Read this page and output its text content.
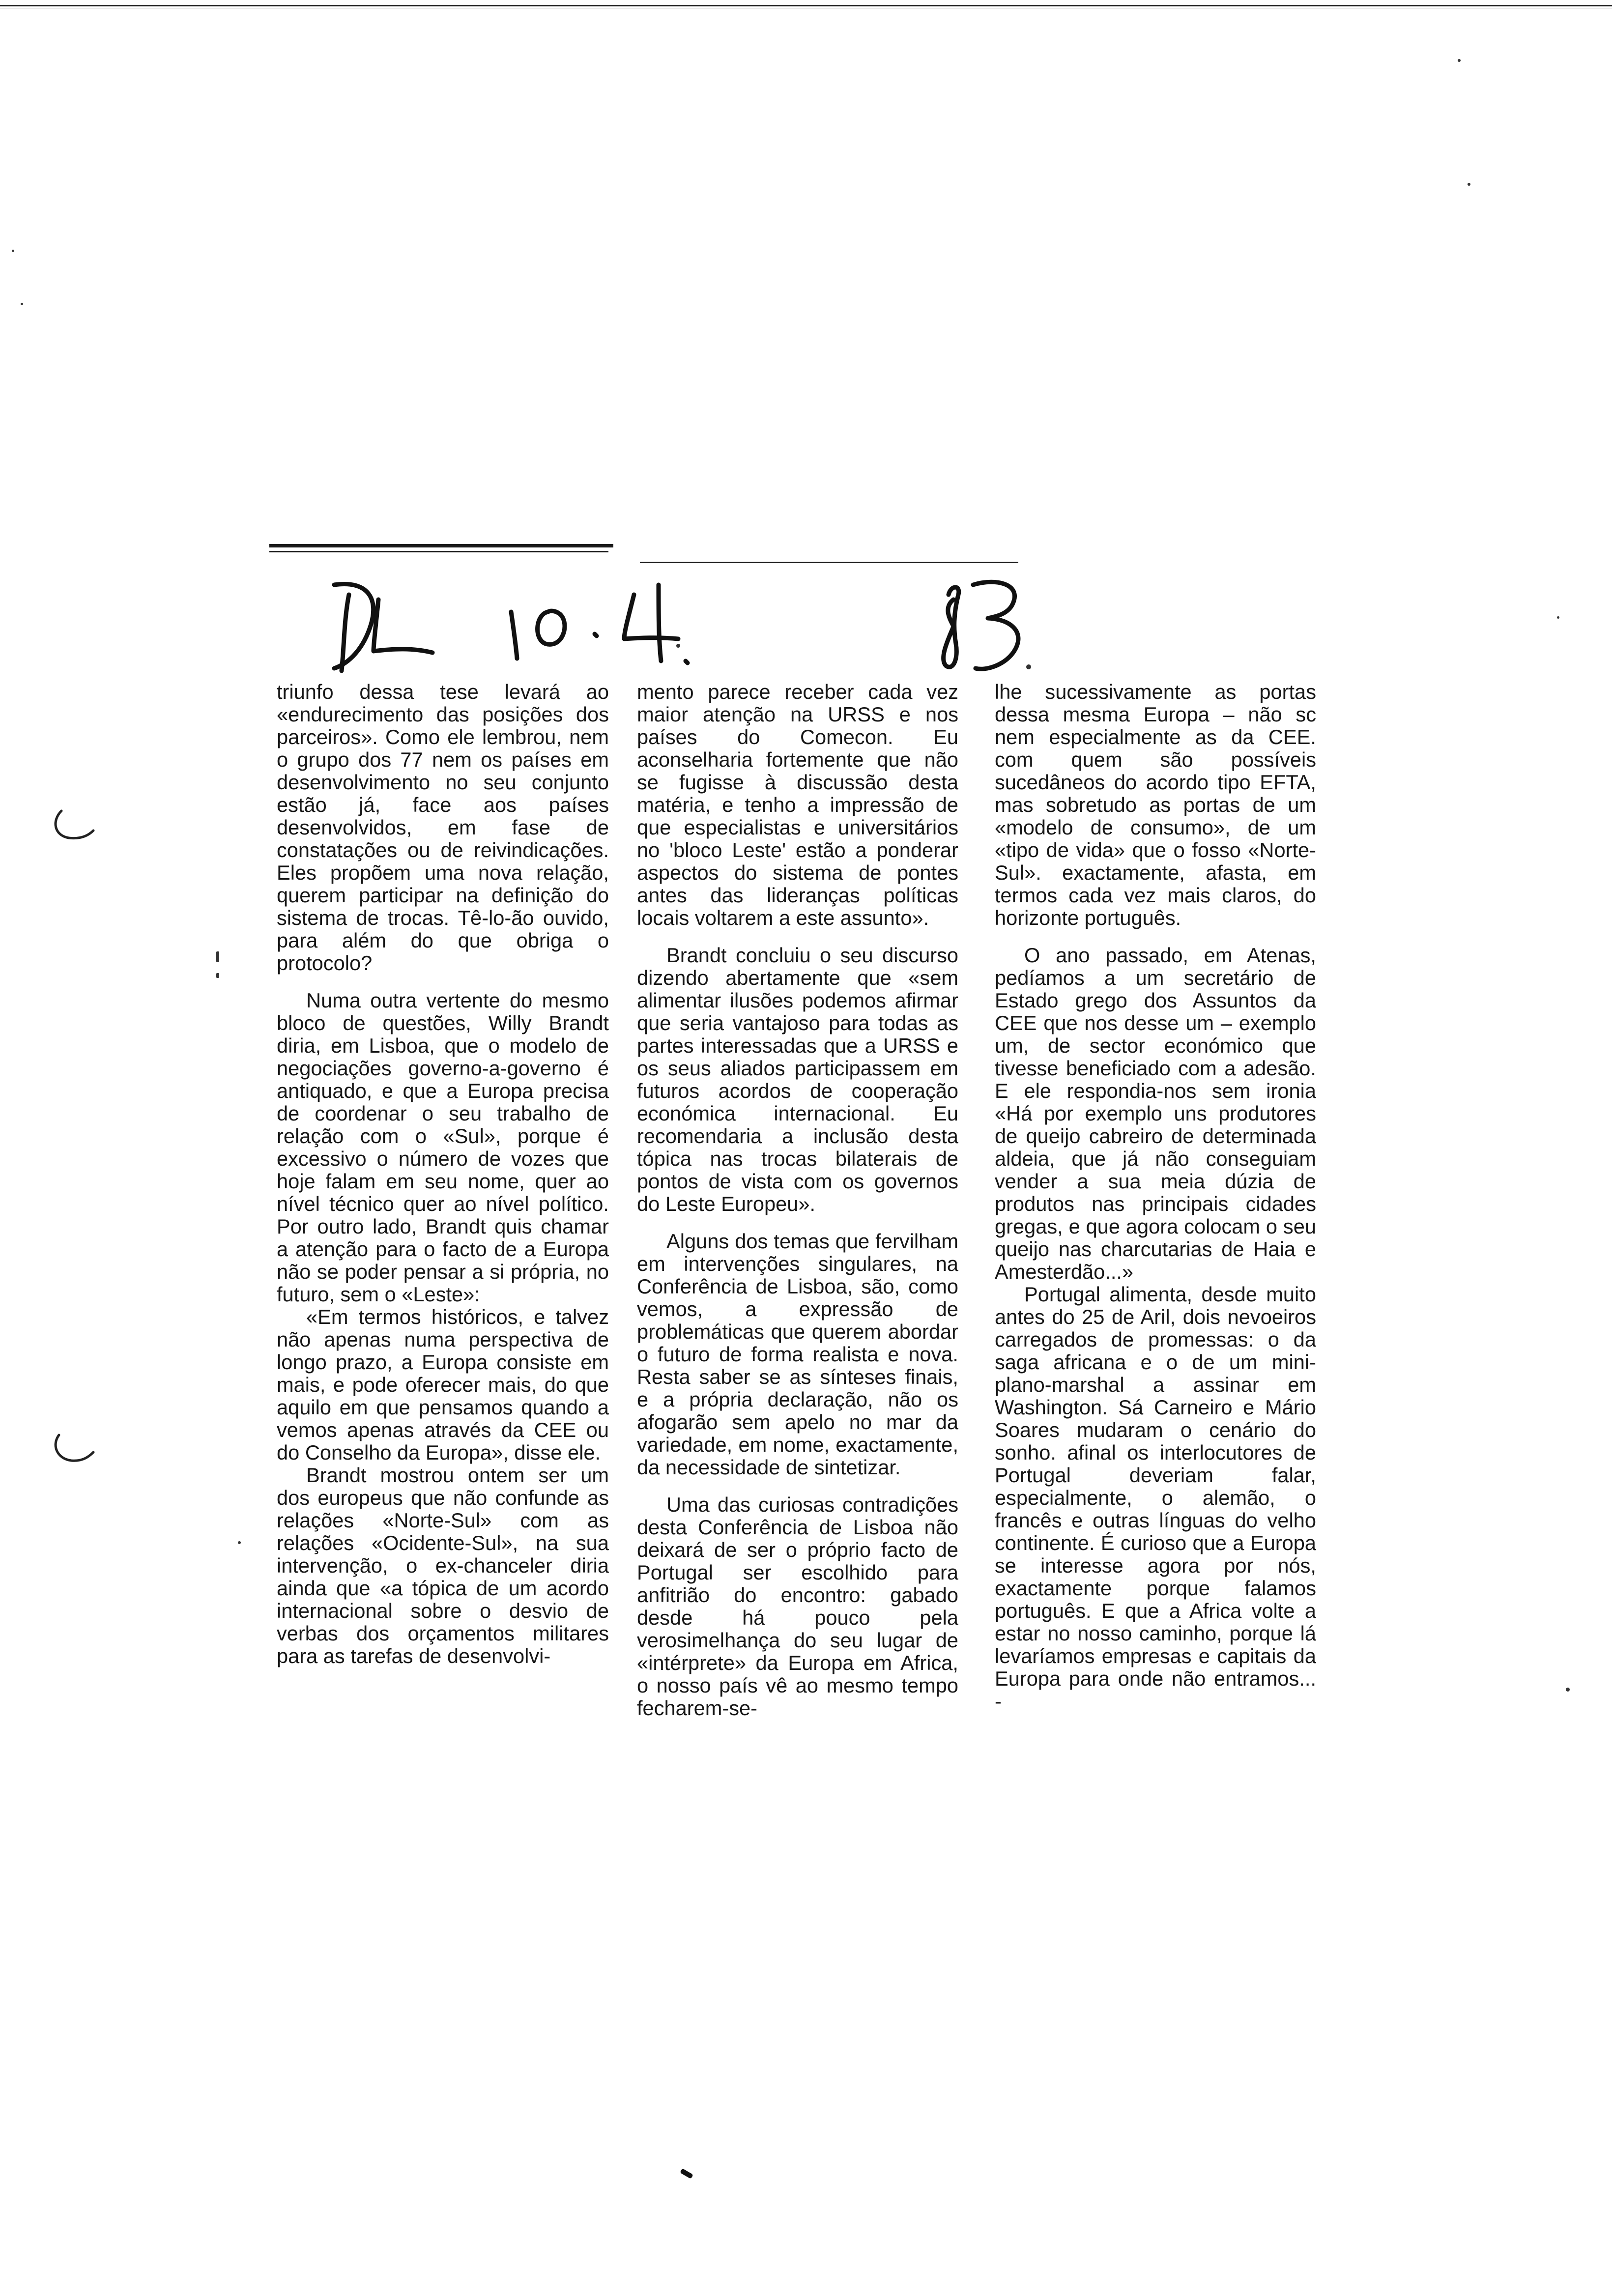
triunfo dessa tese levará ao «endurecimento das posições dos parceiros». Como ele lembrou, nem o grupo dos 77 nem os países em desenvolvimento no seu conjunto estão já, face aos países desenvolvidos, em fase de constatações ou de reivindicações. Eles propõem uma nova relação, querem participar na definição do sistema de trocas. Tê-lo-ão ouvido, para além do que obriga o protocolo?

Numa outra vertente do mesmo bloco de questões, Willy Brandt diria, em Lisboa, que o modelo de negociações governo-a-governo é antiquado, e que a Europa precisa de coordenar o seu trabalho de relação com o «Sul», porque é excessivo o número de vozes que hoje falam em seu nome, quer ao nível técnico quer ao nível político. Por outro lado, Brandt quis chamar a atenção para o facto de a Europa não se poder pensar a si própria, no futuro, sem o «Leste»:

«Em termos históricos, e talvez não apenas numa perspectiva de longo prazo, a Europa consiste em mais, e pode oferecer mais, do que aquilo em que pensamos quando a vemos apenas através da CEE ou do Conselho da Europa», disse ele.

Brandt mostrou ontem ser um dos europeus que não confunde as relações «Norte-Sul» com as relações «Ocidente-Sul», na sua intervenção, o ex-chanceler diria ainda que «a tópica de um acordo internacional sobre o desvio de verbas dos orçamentos militares para as tarefas de desenvolvi-

mento parece receber cada vez maior atenção na URSS e nos países do Comecon. Eu aconselharia fortemente que não se fugisse à discussão desta matéria, e tenho a impressão de que especialistas e universitários no 'bloco Leste' estão a ponderar aspectos do sistema de pontes antes das lideranças políticas locais voltarem a este assunto».

Brandt concluiu o seu discurso dizendo abertamente que «sem alimentar ilusões podemos afirmar que seria vantajoso para todas as partes interessadas que a URSS e os seus aliados participassem em futuros acordos de cooperação económica internacional. Eu recomendaria a inclusão desta tópica nas trocas bilaterais de pontos de vista com os governos do Leste Europeu».

Alguns dos temas que fervilham em intervenções singulares, na Conferência de Lisboa, são, como vemos, a expressão de problemáticas que querem abordar o futuro de forma realista e nova. Resta saber se as sínteses finais, e a própria declaração, não os afogarão sem apelo no mar da variedade, em nome, exactamente, da necessidade de sintetizar.

Uma das curiosas contradições desta Conferência de Lisboa não deixará de ser o próprio facto de Portugal ser escolhido para anfitrião do encontro: gabado desde há pouco pela verosimelhança do seu lugar de «intérprete» da Europa em Africa, o nosso país vê ao mesmo tempo fecharem-se-

lhe sucessivamente as portas dessa mesma Europa – não sc nem especialmente as da CEE. com quem são possíveis sucedâneos do acordo tipo EFTA, mas sobretudo as portas de um «modelo de consumo», de um «tipo de vida» que o fosso «Norte-Sul». exactamente, afasta, em termos cada vez mais claros, do horizonte português.

O ano passado, em Atenas, pedíamos a um secretário de Estado grego dos Assuntos da CEE que nos desse um – exemplo um, de sector económico que tivesse beneficiado com a adesão. E ele respondia-nos sem ironia «Há por exemplo uns produtores de queijo cabreiro de determinada aldeia, que já não conseguiam vender a sua meia dúzia de produtos nas principais cidades gregas, e que agora colocam o seu queijo nas charcutarias de Haia e Amesterdão...»

Portugal alimenta, desde muito antes do 25 de Aril, dois nevoeiros carregados de promessas: o da saga africana e o de um mini-plano-marshal a assinar em Washington. Sá Carneiro e Mário Soares mudaram o cenário do sonho. afinal os interlocutores de Portugal deveriam falar, especialmente, o alemão, o francês e outras línguas do velho continente. É curioso que a Europa se interesse agora por nós, exactamente porque falamos português. E que a Africa volte a estar no nosso caminho, porque lá levaríamos empresas e capitais da Europa para onde não entramos... -
